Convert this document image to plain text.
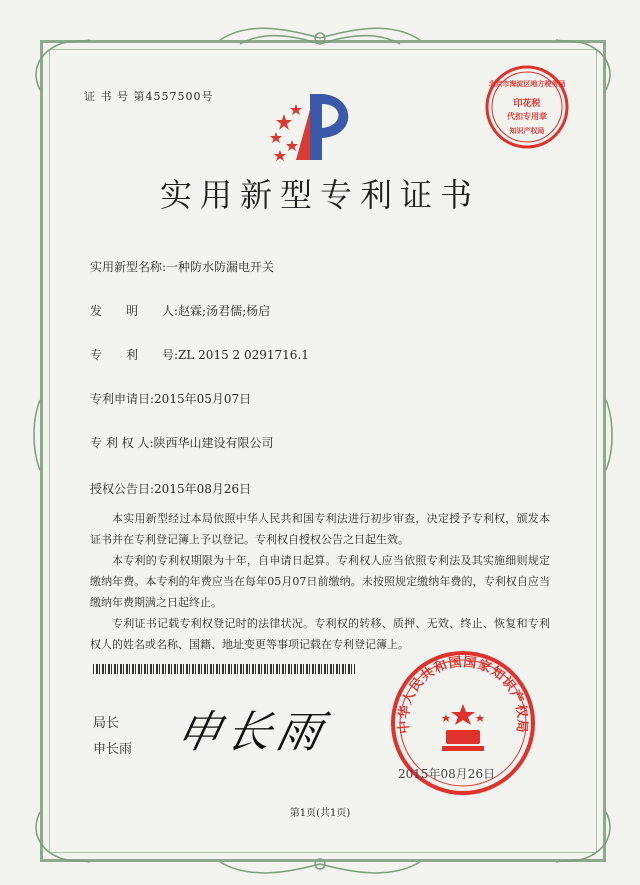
证 书 号 第4557500号
北京市海淀区地方税务局
印花税
代扣专用章
知识产权局
实用新型专利证书
实用新型名称:一种防水防漏电开关
发　　明　　人:赵霖;汤君儒;杨启
专　　利　　号:ZL 2015 2 0291716.1
专利申请日:2015年05月07日
专 利 权 人:陕西华山建设有限公司
授权公告日:2015年08月26日

本实用新型经过本局依照中华人民共和国专利法进行初步审查，决定授予专利权，颁发本证书并在专利登记簿上予以登记。专利权自授权公告之日起生效。

本专利的专利权期限为十年，自申请日起算。专利权人应当依照专利法及其实施细则规定缴纳年费。本专利的年费应当在每年05月07日前缴纳。未按照规定缴纳年费的，专利权自应当缴纳年费期满之日起终止。

专利证书记载专利权登记时的法律状况。专利权的转移、质押、无效、终止、恢复和专利权人的姓名或名称、国籍、地址变更等事项记载在专利登记簿上。

局长
申长雨 申长雨	中华人民共和国国家知识产权局
2015年08月26日
第1页(共1页)
